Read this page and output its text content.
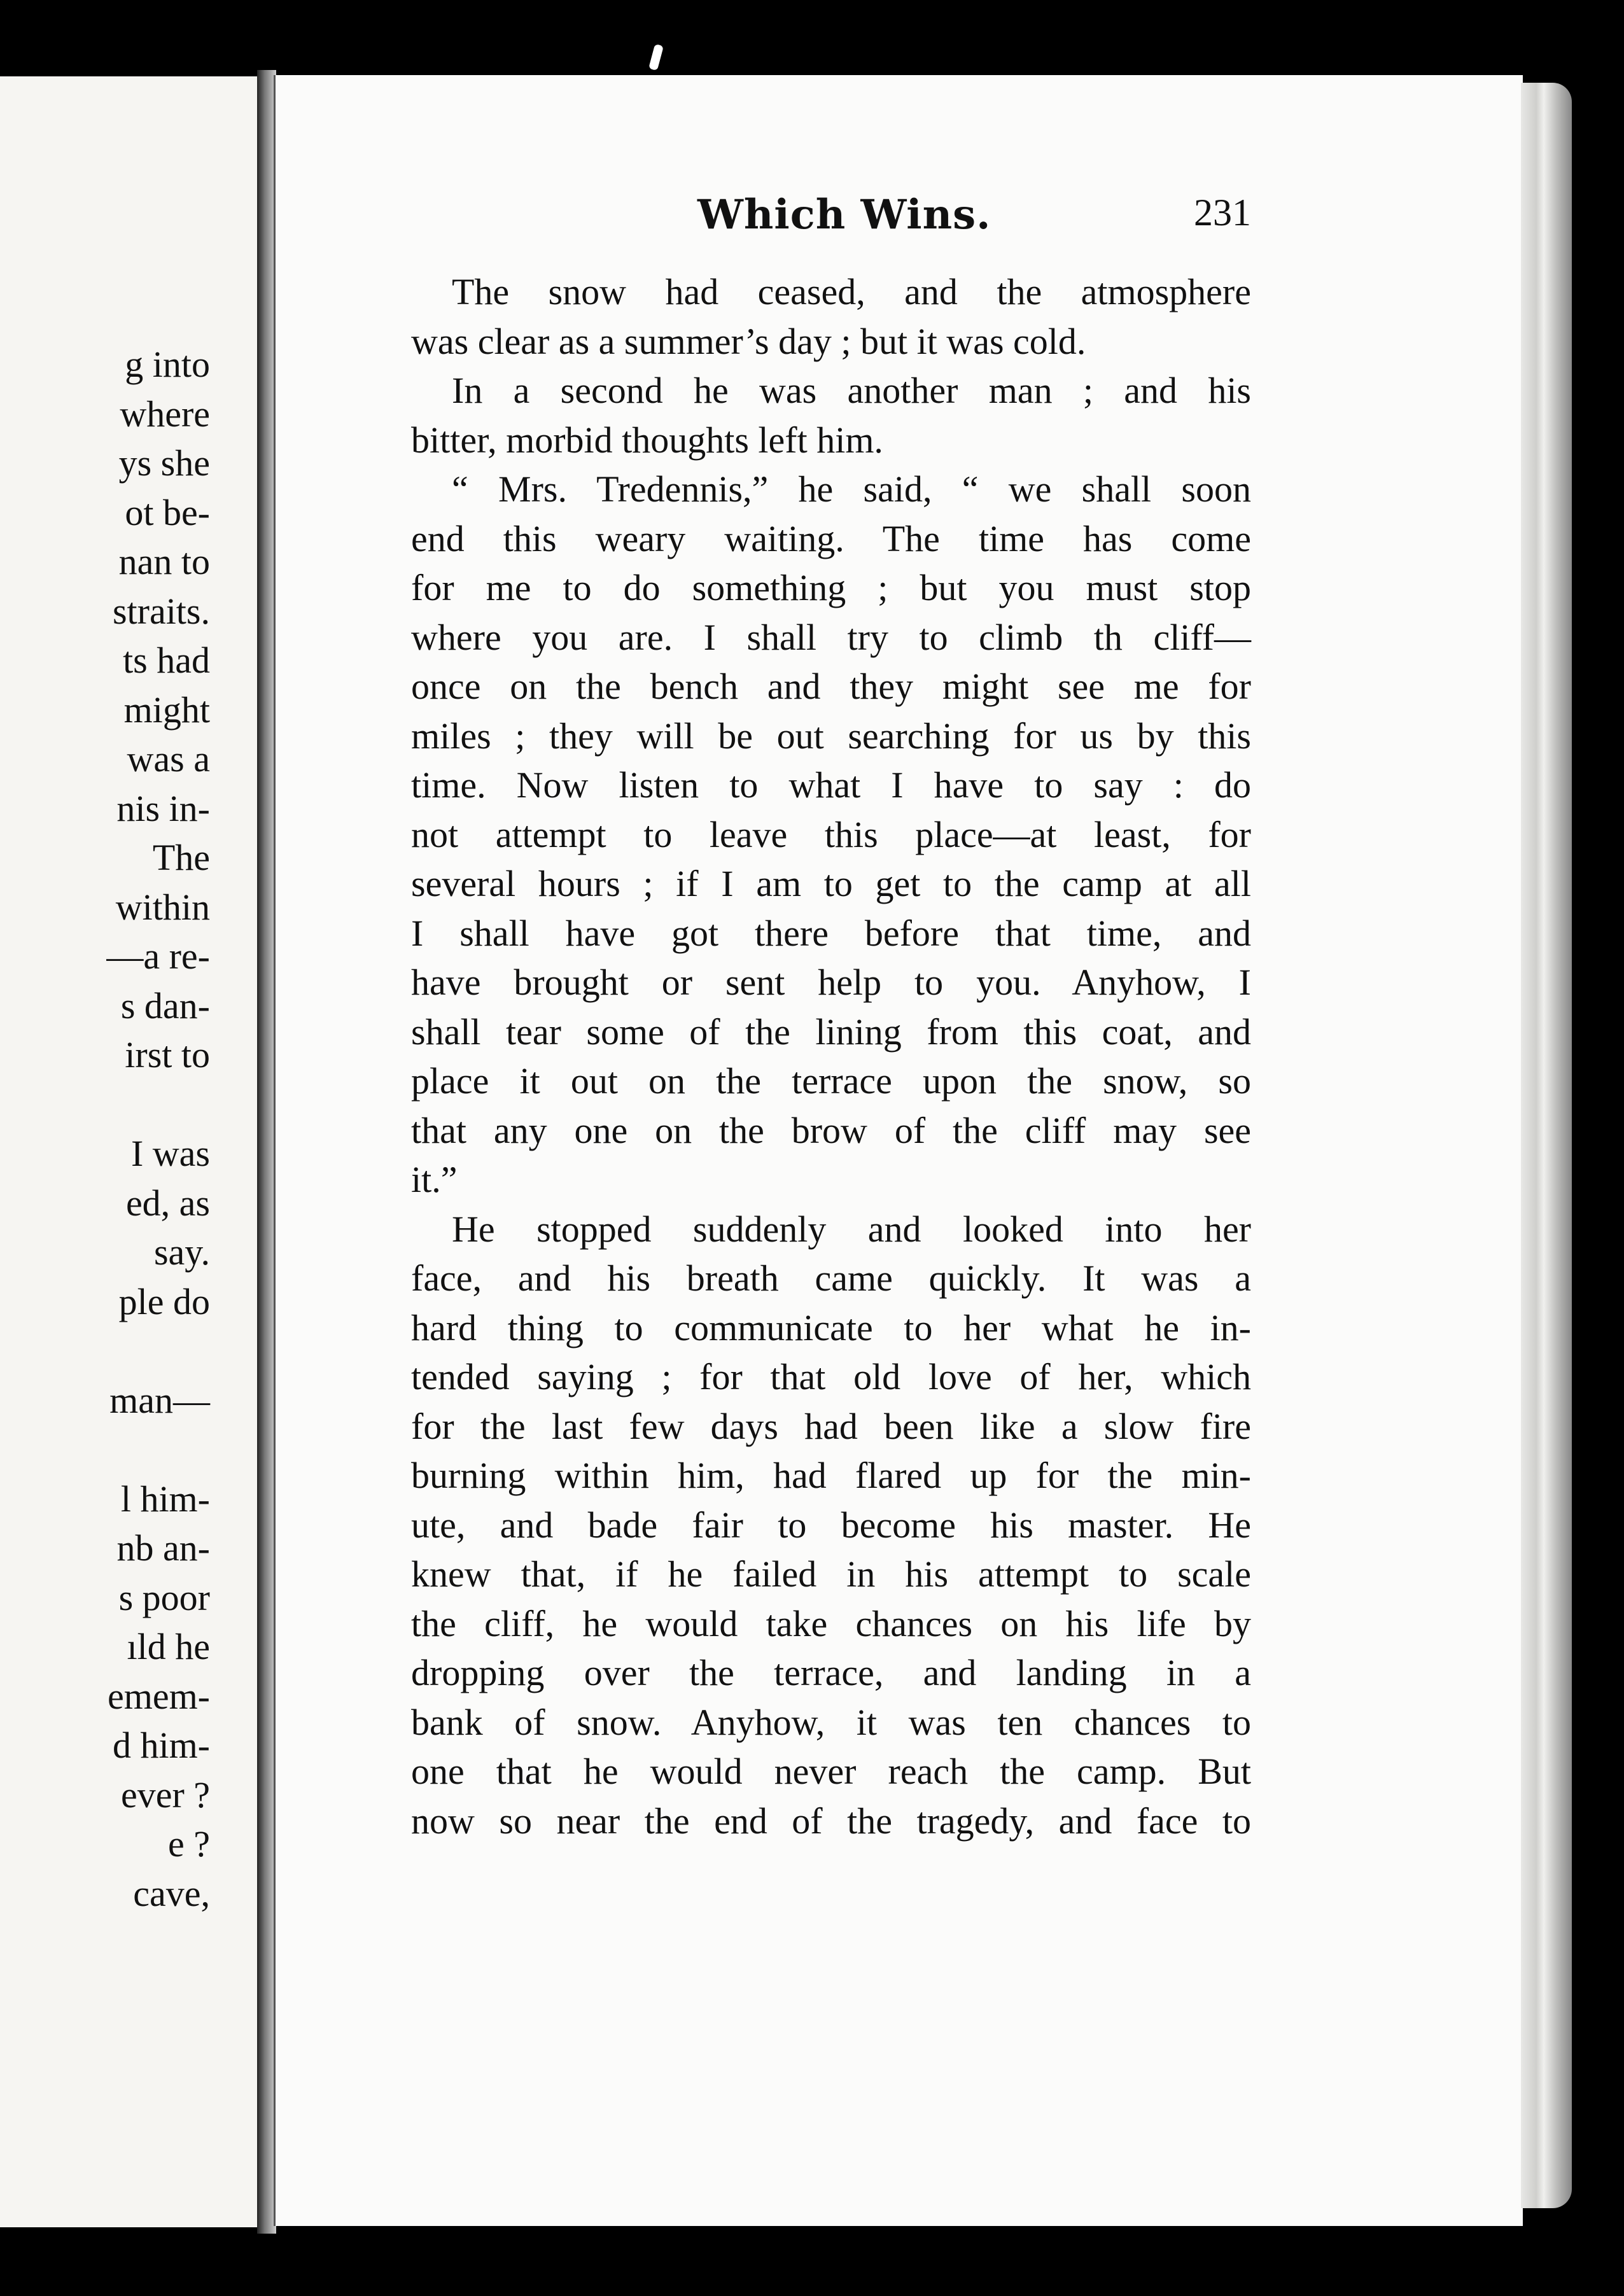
g into
where
ys she
ot be-
nan to
straits.
ts had
might
was a
nis in-
The
within
—a re-
s dan-
irst to
I was
ed, as
say.
ple do
man—
l him-
nb an-
s poor
ıld he
emem-
d him-
ever ?
e ?
cave,
Which Wins.	231
The snow had ceased, and the atmosphere
was clear as a summer’s day ; but it was cold.
In a second he was another man ; and his
bitter, morbid thoughts left him.
“ Mrs. Tredennis,” he said, “ we shall soon
end this weary waiting. The time has come
for me to do something ; but you must stop
where you are. I shall try to climb th cliff—
once on the bench and they might see me for
miles ; they will be out searching for us by this
time. Now listen to what I have to say : do
not attempt to leave this place—at least, for
several hours ; if I am to get to the camp at all
I shall have got there before that time, and
have brought or sent help to you. Anyhow, I
shall tear some of the lining from this coat, and
place it out on the terrace upon the snow, so
that any one on the brow of the cliff may see
it.”
He stopped suddenly and looked into her
face, and his breath came quickly. It was a
hard thing to communicate to her what he in-
tended saying ; for that old love of her, which
for the last few days had been like a slow fire
burning within him, had flared up for the min-
ute, and bade fair to become his master. He
knew that, if he failed in his attempt to scale
the cliff, he would take chances on his life by
dropping over the terrace, and landing in a
bank of snow. Anyhow, it was ten chances to
one that he would never reach the camp. But
now so near the end of the tragedy, and face to
